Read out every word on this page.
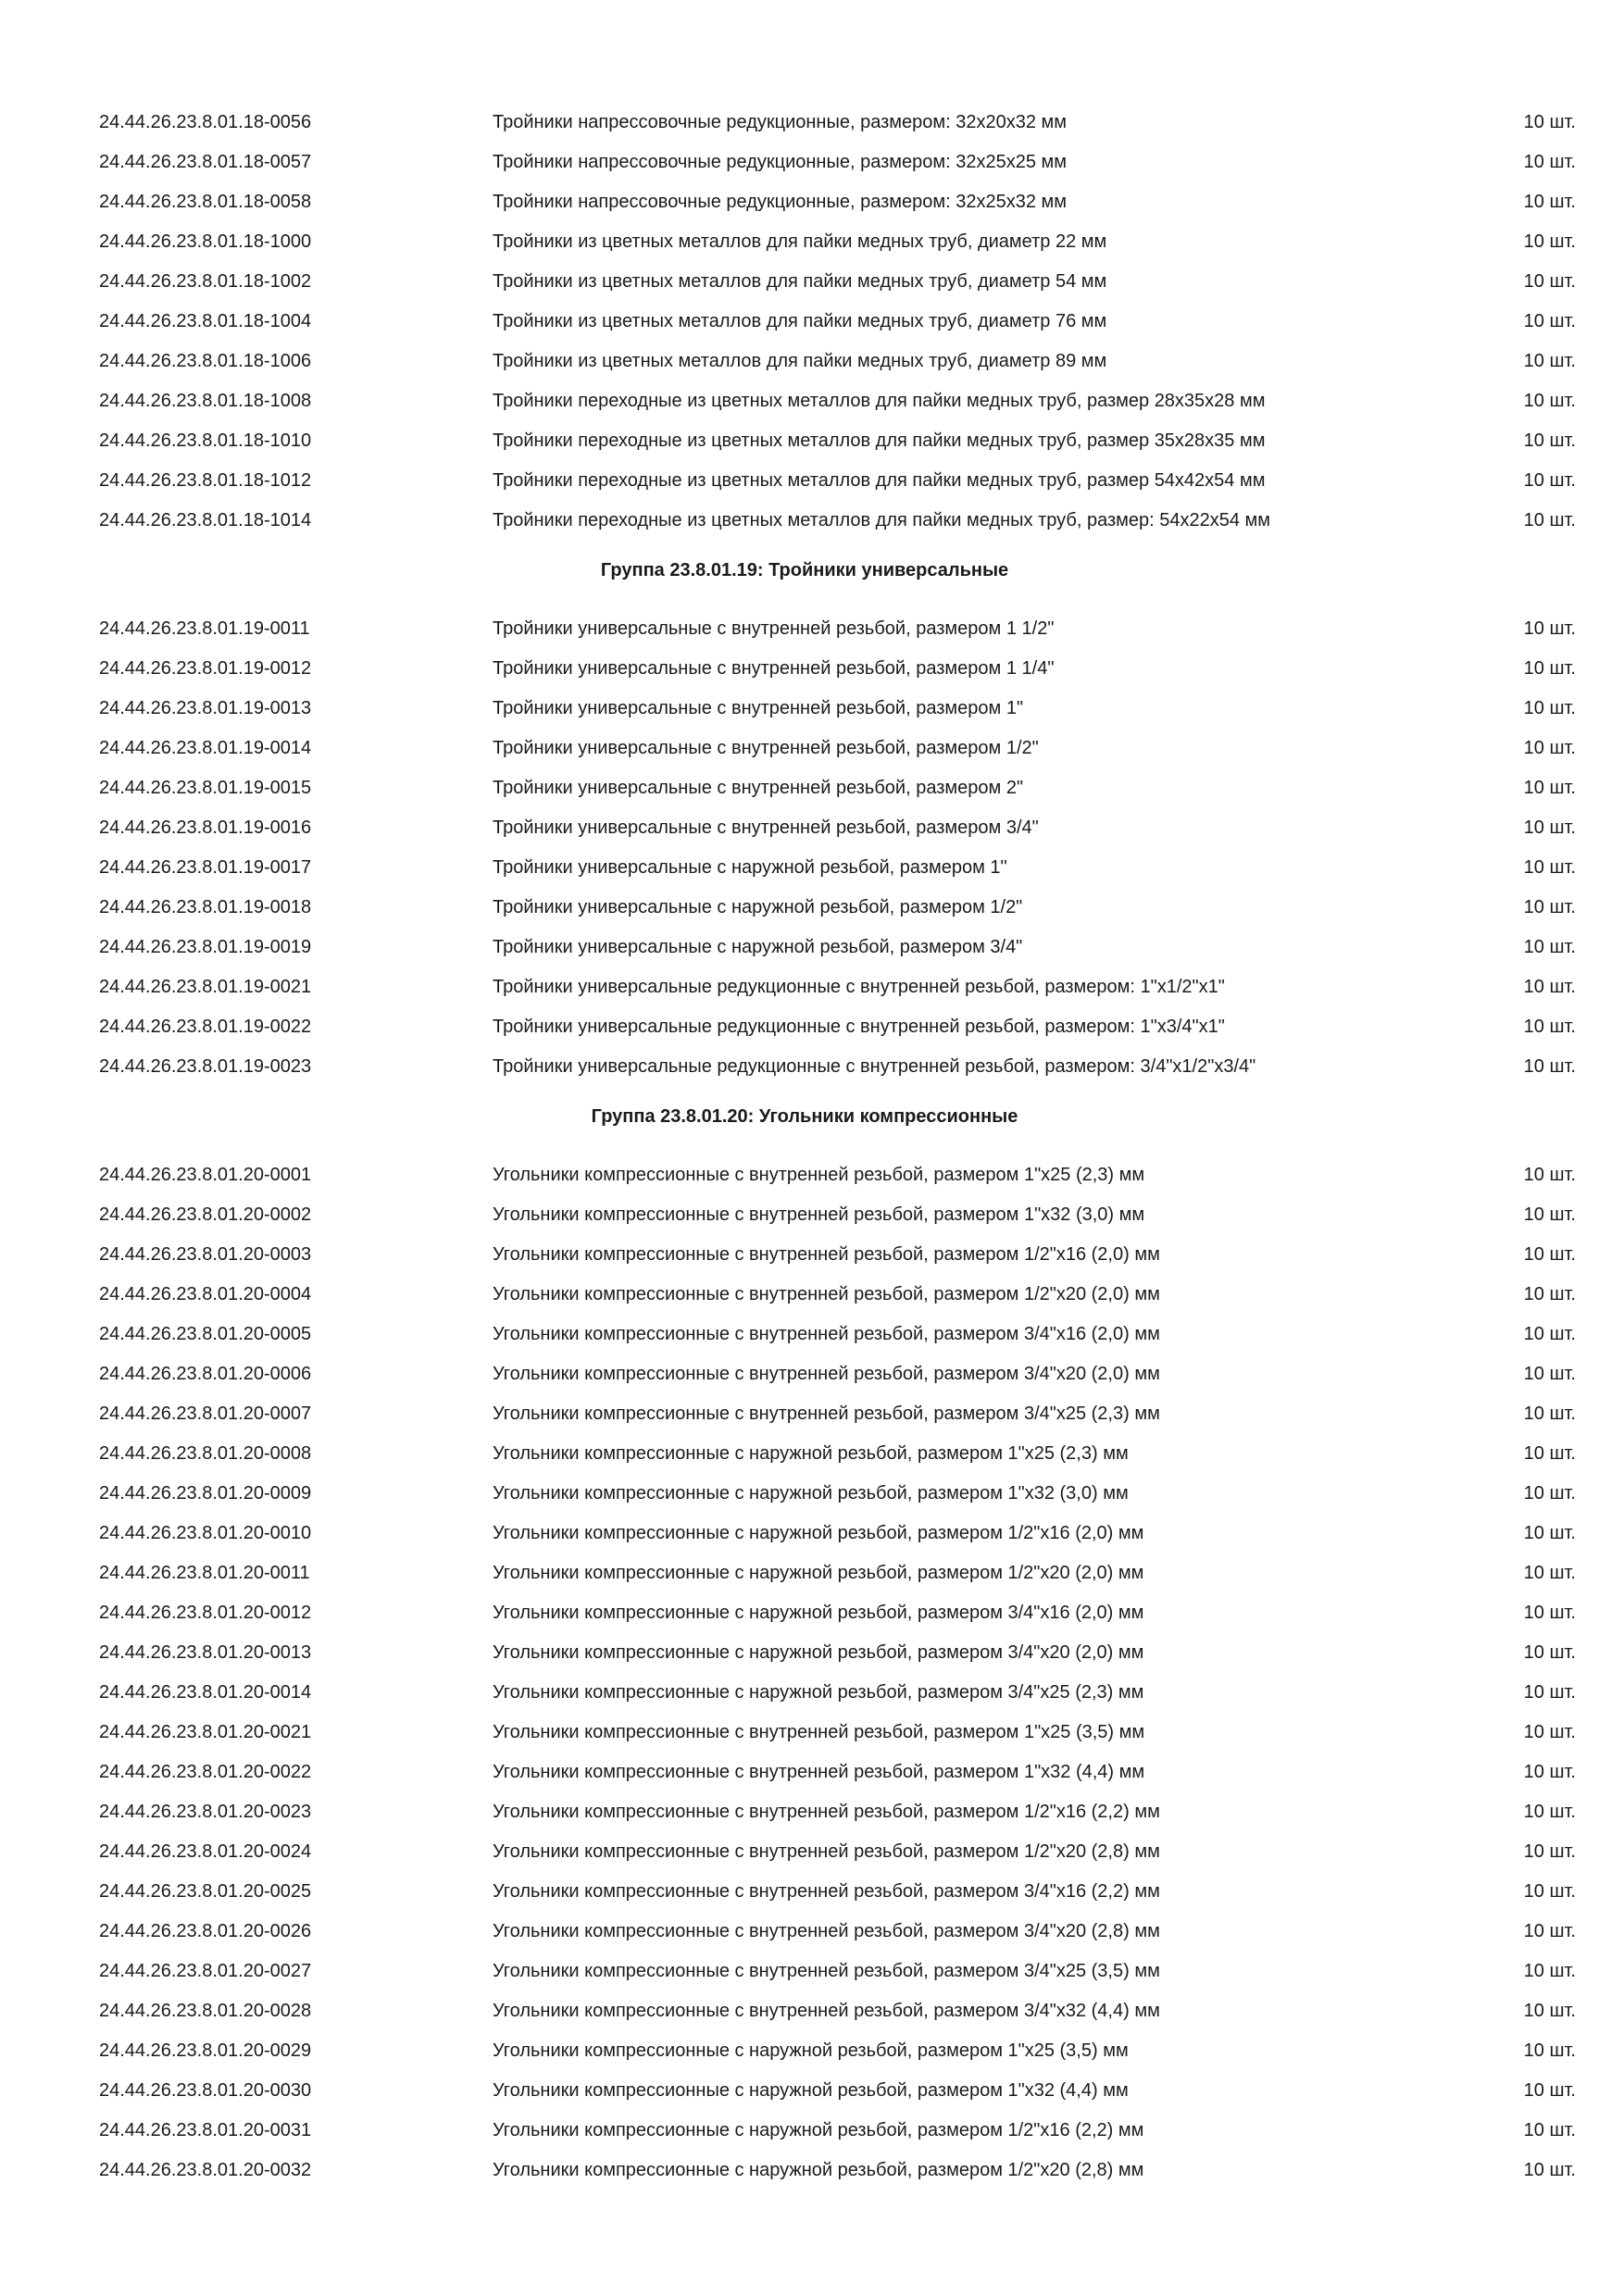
24.44.26.23.8.01.18-0056	Тройники напрессовочные редукционные, размером: 32х20х32 мм	10 шт.
24.44.26.23.8.01.18-0057	Тройники напрессовочные редукционные, размером: 32х25х25 мм	10 шт.
24.44.26.23.8.01.18-0058	Тройники напрессовочные редукционные, размером: 32х25х32 мм	10 шт.
24.44.26.23.8.01.18-1000	Тройники из цветных металлов для пайки медных труб, диаметр 22 мм	10 шт.
24.44.26.23.8.01.18-1002	Тройники из цветных металлов для пайки медных труб, диаметр 54 мм	10 шт.
24.44.26.23.8.01.18-1004	Тройники из цветных металлов для пайки медных труб, диаметр 76 мм	10 шт.
24.44.26.23.8.01.18-1006	Тройники из цветных металлов для пайки медных труб, диаметр 89 мм	10 шт.
24.44.26.23.8.01.18-1008	Тройники переходные из цветных металлов для пайки медных труб, размер 28х35х28 мм	10 шт.
24.44.26.23.8.01.18-1010	Тройники переходные из цветных металлов для пайки медных труб, размер 35х28х35 мм	10 шт.
24.44.26.23.8.01.18-1012	Тройники переходные из цветных металлов для пайки медных труб, размер 54х42х54 мм	10 шт.
24.44.26.23.8.01.18-1014	Тройники переходные из цветных металлов для пайки медных труб, размер: 54х22х54 мм	10 шт.
Группа 23.8.01.19: Тройники универсальные
24.44.26.23.8.01.19-0011	Тройники универсальные с внутренней резьбой, размером 1 1/2"	10 шт.
24.44.26.23.8.01.19-0012	Тройники универсальные с внутренней резьбой, размером 1 1/4"	10 шт.
24.44.26.23.8.01.19-0013	Тройники универсальные с внутренней резьбой, размером 1"	10 шт.
24.44.26.23.8.01.19-0014	Тройники универсальные с внутренней резьбой, размером 1/2"	10 шт.
24.44.26.23.8.01.19-0015	Тройники универсальные с внутренней резьбой, размером 2"	10 шт.
24.44.26.23.8.01.19-0016	Тройники универсальные с внутренней резьбой, размером 3/4"	10 шт.
24.44.26.23.8.01.19-0017	Тройники универсальные с наружной резьбой, размером 1"	10 шт.
24.44.26.23.8.01.19-0018	Тройники универсальные с наружной резьбой, размером 1/2"	10 шт.
24.44.26.23.8.01.19-0019	Тройники универсальные с наружной резьбой, размером 3/4"	10 шт.
24.44.26.23.8.01.19-0021	Тройники универсальные редукционные с внутренней резьбой, размером: 1"х1/2"х1"	10 шт.
24.44.26.23.8.01.19-0022	Тройники универсальные редукционные с внутренней резьбой, размером: 1"х3/4"х1"	10 шт.
24.44.26.23.8.01.19-0023	Тройники универсальные редукционные с внутренней резьбой, размером: 3/4"х1/2"х3/4"	10 шт.
Группа 23.8.01.20: Угольники компрессионные
24.44.26.23.8.01.20-0001	Угольники компрессионные с внутренней резьбой, размером 1"х25 (2,3) мм	10 шт.
24.44.26.23.8.01.20-0002	Угольники компрессионные с внутренней резьбой, размером 1"х32 (3,0) мм	10 шт.
24.44.26.23.8.01.20-0003	Угольники компрессионные с внутренней резьбой, размером 1/2"х16 (2,0) мм	10 шт.
24.44.26.23.8.01.20-0004	Угольники компрессионные с внутренней резьбой, размером 1/2"х20 (2,0) мм	10 шт.
24.44.26.23.8.01.20-0005	Угольники компрессионные с внутренней резьбой, размером 3/4"х16 (2,0) мм	10 шт.
24.44.26.23.8.01.20-0006	Угольники компрессионные с внутренней резьбой, размером 3/4"х20 (2,0) мм	10 шт.
24.44.26.23.8.01.20-0007	Угольники компрессионные с внутренней резьбой, размером 3/4"х25 (2,3) мм	10 шт.
24.44.26.23.8.01.20-0008	Угольники компрессионные с наружной резьбой, размером 1"х25 (2,3) мм	10 шт.
24.44.26.23.8.01.20-0009	Угольники компрессионные с наружной резьбой, размером 1"х32 (3,0) мм	10 шт.
24.44.26.23.8.01.20-0010	Угольники компрессионные с наружной резьбой, размером 1/2"х16 (2,0) мм	10 шт.
24.44.26.23.8.01.20-0011	Угольники компрессионные с наружной резьбой, размером 1/2"х20 (2,0) мм	10 шт.
24.44.26.23.8.01.20-0012	Угольники компрессионные с наружной резьбой, размером 3/4"х16 (2,0) мм	10 шт.
24.44.26.23.8.01.20-0013	Угольники компрессионные с наружной резьбой, размером 3/4"х20 (2,0) мм	10 шт.
24.44.26.23.8.01.20-0014	Угольники компрессионные с наружной резьбой, размером 3/4"х25 (2,3) мм	10 шт.
24.44.26.23.8.01.20-0021	Угольники компрессионные с внутренней резьбой, размером 1"х25 (3,5) мм	10 шт.
24.44.26.23.8.01.20-0022	Угольники компрессионные с внутренней резьбой, размером 1"х32 (4,4) мм	10 шт.
24.44.26.23.8.01.20-0023	Угольники компрессионные с внутренней резьбой, размером 1/2"х16 (2,2) мм	10 шт.
24.44.26.23.8.01.20-0024	Угольники компрессионные с внутренней резьбой, размером 1/2"х20 (2,8) мм	10 шт.
24.44.26.23.8.01.20-0025	Угольники компрессионные с внутренней резьбой, размером 3/4"х16 (2,2) мм	10 шт.
24.44.26.23.8.01.20-0026	Угольники компрессионные с внутренней резьбой, размером 3/4"х20 (2,8) мм	10 шт.
24.44.26.23.8.01.20-0027	Угольники компрессионные с внутренней резьбой, размером 3/4"х25 (3,5) мм	10 шт.
24.44.26.23.8.01.20-0028	Угольники компрессионные с внутренней резьбой, размером 3/4"х32 (4,4) мм	10 шт.
24.44.26.23.8.01.20-0029	Угольники компрессионные с наружной резьбой, размером 1"х25 (3,5) мм	10 шт.
24.44.26.23.8.01.20-0030	Угольники компрессионные с наружной резьбой, размером 1"х32 (4,4) мм	10 шт.
24.44.26.23.8.01.20-0031	Угольники компрессионные с наружной резьбой, размером 1/2"х16 (2,2) мм	10 шт.
24.44.26.23.8.01.20-0032	Угольники компрессионные с наружной резьбой, размером 1/2"х20 (2,8) мм	10 шт.
